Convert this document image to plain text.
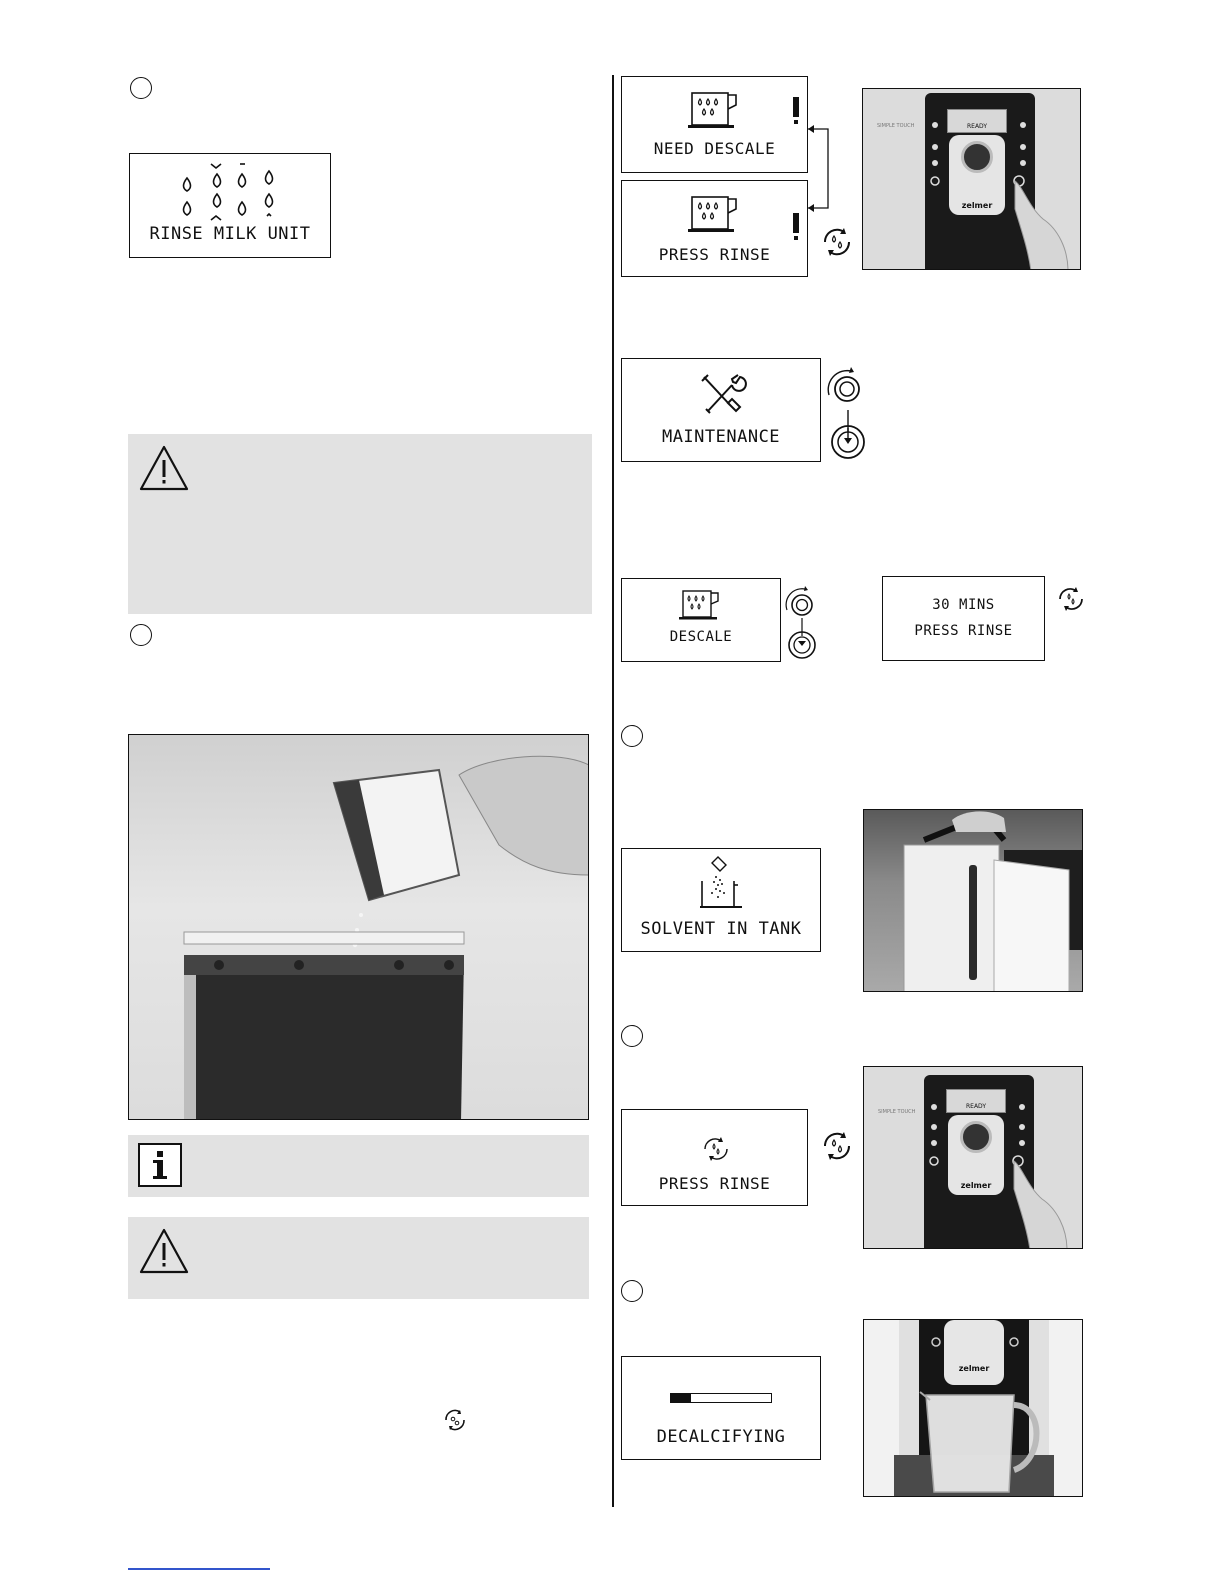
RINSE MILK UNIT
NEED DESCALE
PRESS RINSE
READY
zelmer
SIMPLE TOUCH
MAINTENANCE
DESCALE
30 MINS
PRESS RINSE
SOLVENT IN TANK
PRESS RINSE
READY
zelmer
SIMPLE TOUCH
DECALCIFYING
zelmer
